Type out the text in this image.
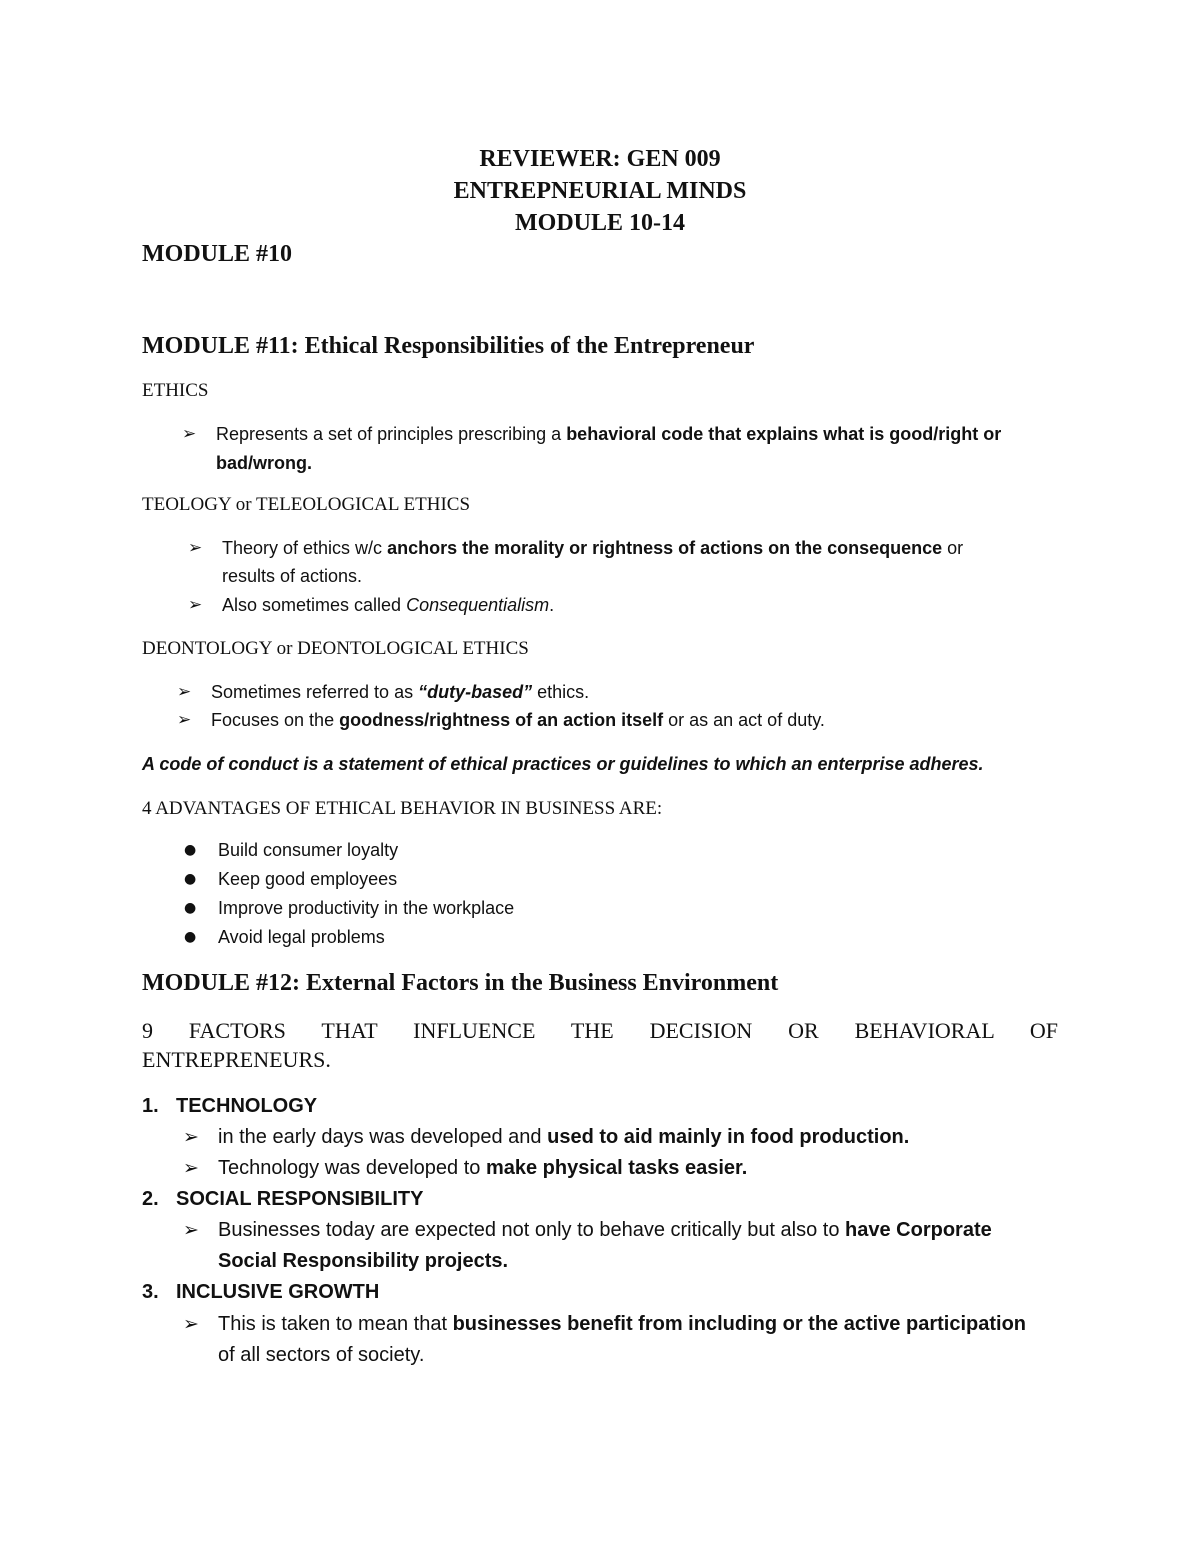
REVIEWER: GEN 009
ENTREPNEURIAL MINDS
MODULE 10-14
MODULE #10
MODULE #11: Ethical Responsibilities of the Entrepreneur
ETHICS
➢ Represents a set of principles prescribing a behavioral code that explains what is good/right or
bad/wrong.
TEOLOGY or TELEOLOGICAL ETHICS
➢ Theory of ethics w/c anchors the morality or rightness of actions on the consequence or
results of actions.
➢ Also sometimes called Consequentialism.
DEONTOLOGY or DEONTOLOGICAL ETHICS
➢ Sometimes referred to as “duty-based” ethics.
➢ Focuses on the goodness/rightness of an action itself or as an act of duty.
A code of conduct is a statement of ethical practices or guidelines to which an enterprise adheres.
4 ADVANTAGES OF ETHICAL BEHAVIOR IN BUSINESS ARE:
● Build consumer loyalty
● Keep good employees
● Improve productivity in the workplace
● Avoid legal problems
MODULE #12: External Factors in the Business Environment
9 FACTORS THAT INFLUENCE THE DECISION OR BEHAVIORAL OF
ENTREPRENEURS.
1. TECHNOLOGY
➢ in the early days was developed and used to aid mainly in food production.
➢ Technology was developed to make physical tasks easier.
2. SOCIAL RESPONSIBILITY
➢ Businesses today are expected not only to behave critically but also to have Corporate
Social Responsibility projects.
3. INCLUSIVE GROWTH
➢ This is taken to mean that businesses benefit from including or the active participation
of all sectors of society.
